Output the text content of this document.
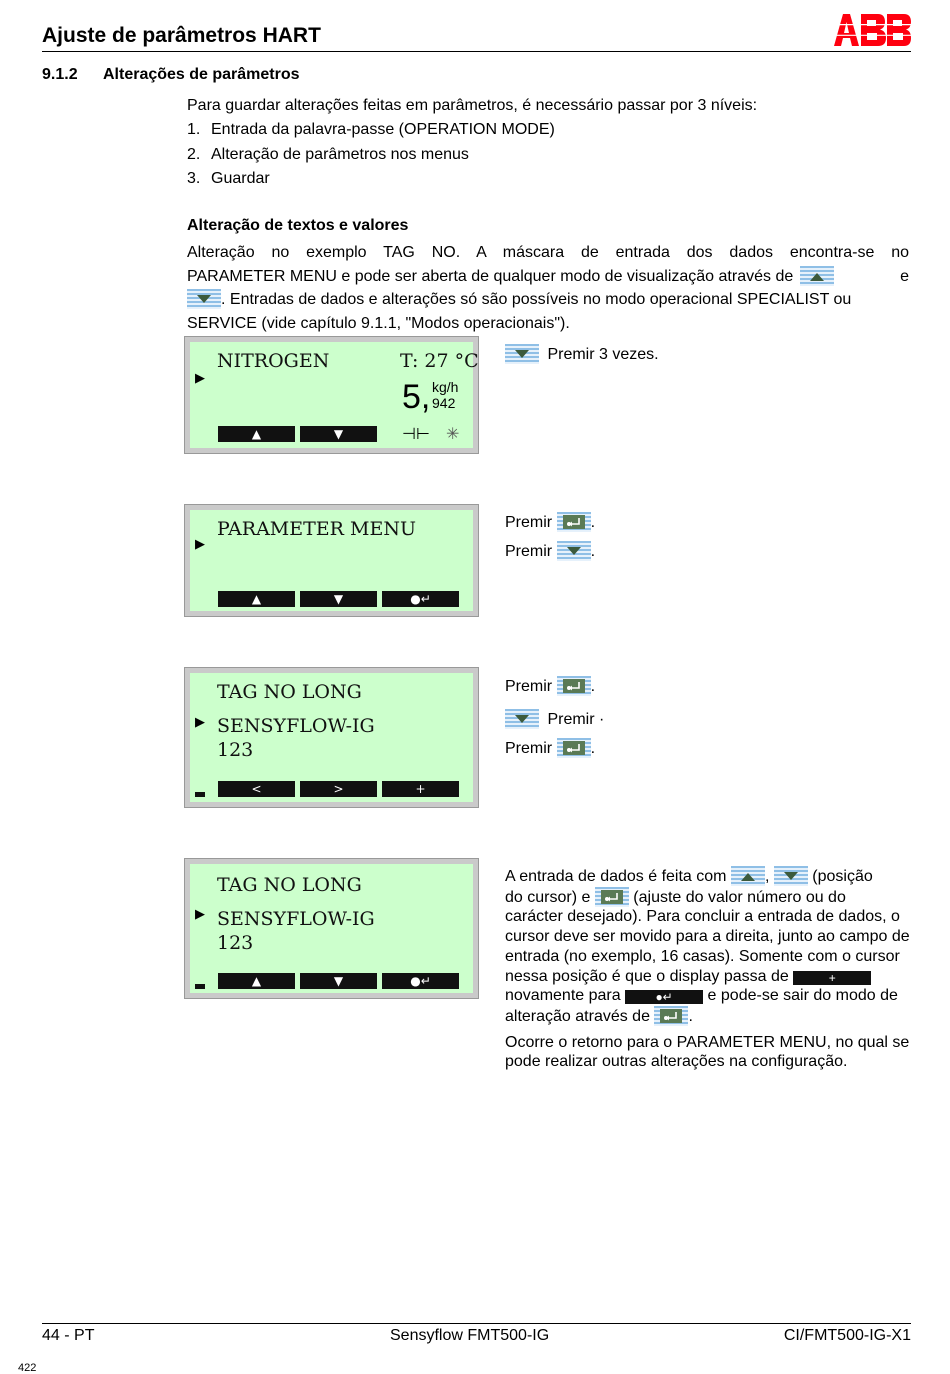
Ajuste de parâmetros HART
9.1.2 Alterações de parâmetros
Para guardar alterações feitas em parâmetros, é necessário passar por 3 níveis:
1. Entrada da palavra-passe (OPERATION MODE)
2. Alteração de parâmetros nos menus
3. Guardar
Alteração de textos e valores
Alteração no exemplo TAG NO. A máscara de entrada dos dados encontra-se no
PARAMETER MENU e pode ser aberta de qualquer modo de visualização através de	e
. Entradas de dados e alterações só são possíveis no modo operacional SPECIALIST ou
SERVICE (vide capítulo 9.1.1, "Modos operacionais").
NITROGEN	T: 27 °C
▶
5, kg/h
942
▲	▼	⊣⊢ ✳
Premir 3 vezes.
PARAMETER MENU
▶
▲	▼	●↵
Premir .
Premir .
TAG NO LONG
▶ SENSYFLOW-IG
123
<	>	+
Premir .
Premir ·
Premir .
TAG NO LONG
▶ SENSYFLOW-IG
123
▲	▼	●↵
A entrada de dados é feita com ,
(posição
do cursor) e	(ajuste do valor número ou do
carácter desejado). Para concluir a entrada de dados, o cursor deve ser movido para a direita, junto ao campo de entrada (no exemplo, 16 casas). Somente com o cursor nessa posição é que o display passa de	+ novamente para	●↵ e pode-se sair do modo de alteração através de .
Ocorre o retorno para o PARAMETER MENU, no qual se pode realizar outras alterações na configuração.
44 - PT	Sensyflow FMT500-IG	CI/FMT500-IG-X1
422
